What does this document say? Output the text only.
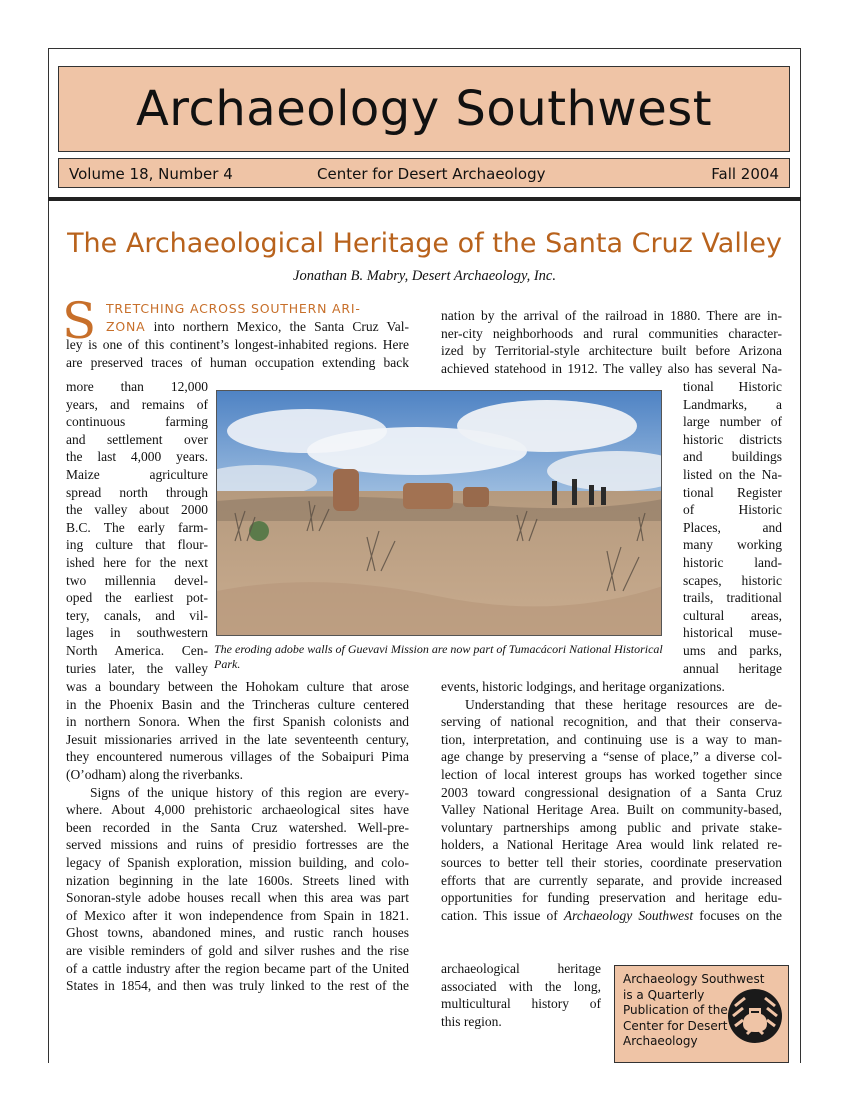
Archaeology Southwest
Volume 18, Number 4	Center for Desert Archaeology	Fall 2004
The Archaeological Heritage of the Santa Cruz Valley
Jonathan B. Mabry, Desert Archaeology, Inc.
S TRETCHING ACROSS SOUTHERN ARI-
ZONA into northern Mexico, the Santa Cruz Val-
ley is one of this continent’s longest-inhabited regions. Here
are preserved traces of human occupation extending back
more than 12,000
years, and remains of
continuous farming
and settlement over
the last 4,000 years.
Maize agriculture
spread north through
the valley about 2000
B.C. The early farm-
ing culture that flour-
ished here for the next
two millennia devel-
oped the earliest pot-
tery, canals, and vil-
lages in southwestern
North America. Cen-
turies later, the valley
was a boundary between the Hohokam culture that arose
in the Phoenix Basin and the Trincheras culture centered
in northern Sonora. When the first Spanish colonists and
Jesuit missionaries arrived in the late seventeenth century,
they encountered numerous villages of the Sobaipuri Pima
(O’odham) along the riverbanks.
Signs of the unique history of this region are every-
where. About 4,000 prehistoric archaeological sites have
been recorded in the Santa Cruz watershed. Well-pre-
served missions and ruins of presidio fortresses are the
legacy of Spanish exploration, mission building, and colo-
nization beginning in the late 1600s. Streets lined with
Sonoran-style adobe houses recall when this area was part
of Mexico after it won independence from Spain in 1821.
Ghost towns, abandoned mines, and rustic ranch houses
are visible reminders of gold and silver rushes and the rise
of a cattle industry after the region became part of the United
States in 1854, and then was truly linked to the rest of the
nation by the arrival of the railroad in 1880. There are in-
ner-city neighborhoods and rural communities character-
ized by Territorial-style architecture built before Arizona
achieved statehood in 1912. The valley also has several Na-
tional Historic
Landmarks, a
large number of
historic districts
and buildings
listed on the Na-
tional Register
of Historic
Places, and
many working
historic land-
scapes, historic
trails, traditional
cultural areas,
historical muse-
ums and parks,
annual heritage
events, historic lodgings, and heritage organizations.
Understanding that these heritage resources are de-
serving of national recognition, and that their conserva-
tion, interpretation, and continuing use is a way to man-
age change by preserving a “sense of place,” a diverse col-
lection of local interest groups has worked together since
2003 toward congressional designation of a Santa Cruz
Valley National Heritage Area. Built on community-based,
voluntary partnerships among public and private stake-
holders, a National Heritage Area would link related re-
sources to better tell their stories, coordinate preservation
efforts that are currently separate, and provide increased
opportunities for funding preservation and heritage edu-
cation. This issue of Archaeology Southwest focuses on the
The eroding adobe walls of Guevavi Mission are now part of Tumacácori National Historical Park.
archaeological heritage
associated with the long,
multicultural history of
this region.
Archaeology Southwest
is a Quarterly
Publication of the
Center for Desert
Archaeology
